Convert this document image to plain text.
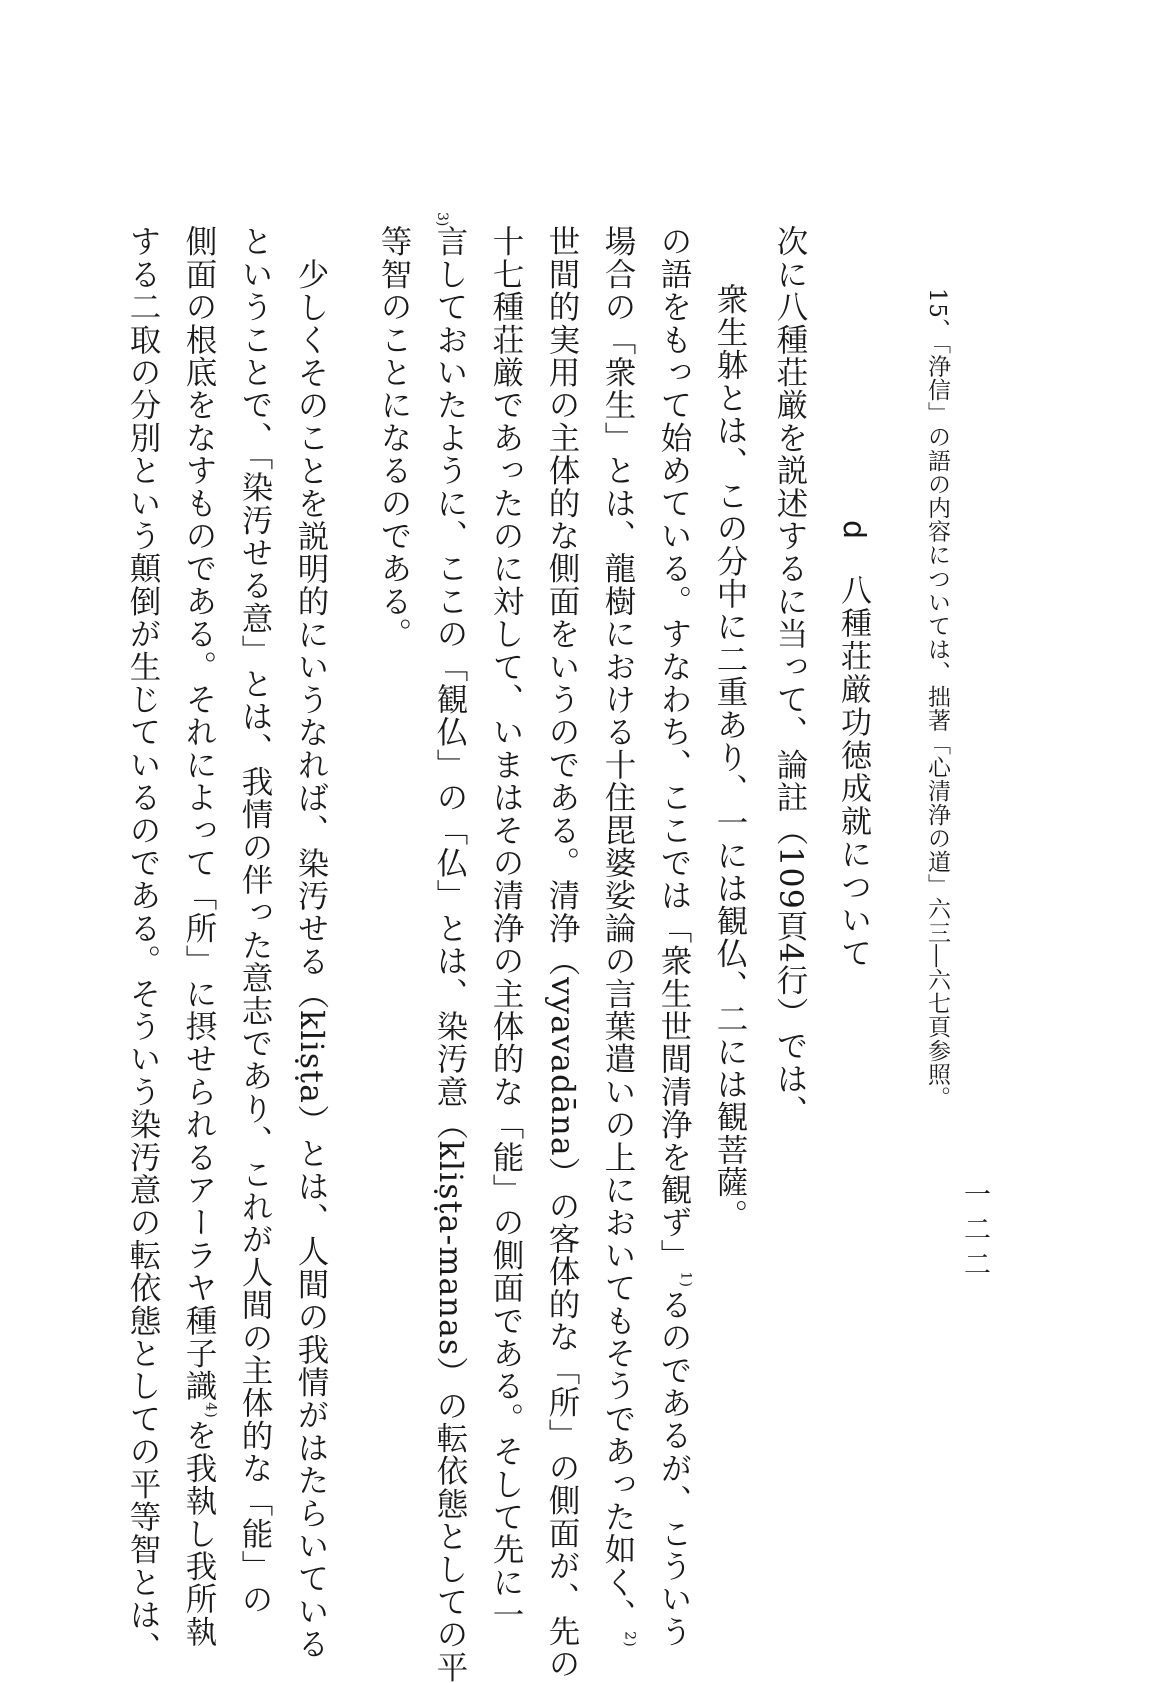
一二二
15、「浄信」の語の内容については、拙著「心清浄の道」六三―六七頁参照。
次に八種荘厳を説述するに当って、論註（109頁4行）では、
衆生躰とは、この分中に二重あり、一には観仏、二には観菩薩。
の語をもって始めている。すなわち、ここでは「衆生世間清浄を観ず」$^{1)}$るのであるが、こういう
場合の「衆生」とは、龍樹における十住毘婆娑論の言葉遣いの上においてもそうであった如く、$^{2)}$
世間的実用の主体的な側面をいうのである。清浄（vyavadāna）の客体的な「所」の側面が、先の
十七種荘厳であったのに対して、いまはその清浄の主体的な「能」の側面である。そして先に一
言しておいたように、ここの「観仏」の「仏」とは、染汚意（kliṣṭa-manas）の転依態としての平
3)
等智のことになるのである。	d　八種荘厳功徳成就について
少しくそのことを説明的にいうなれば、染汚せる（kliṣṭa）とは、人間の我情がはたらいている
ということで、「染汚せる意」とは、我情の伴った意志であり、これが人間の主体的な「能」の
側面の根底をなすものである。それによって「所」に摂せられるアーラヤ種子識$^{4)}$を我執し我所執
する二取の分別という顛倒が生じているのである。そういう染汚意の転依態としての平等智とは、
